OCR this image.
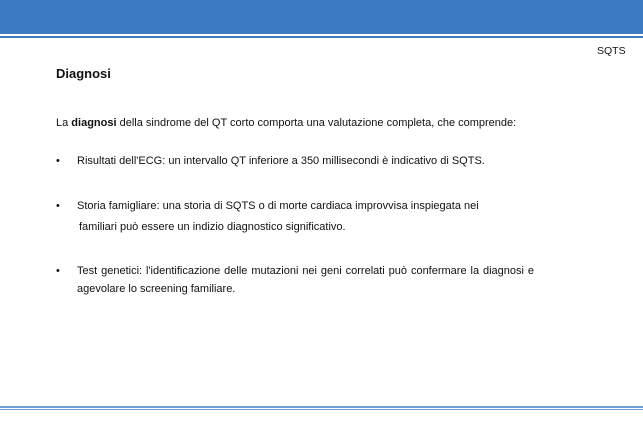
SQTS
Diagnosi

La diagnosi della sindrome del QT corto comporta una valutazione completa, che comprende:

• Risultati dell'ECG: un intervallo QT inferiore a 350 millisecondi è indicativo di SQTS.

• Storia famigliare: una storia di SQTS o di morte cardiaca improvvisa inspiegata nei

familiari può essere un indizio diagnostico significativo.

• Test genetici: l'identificazione delle mutazioni nei geni correlati può confermare la diagnosi e agevolare lo screening familiare.
